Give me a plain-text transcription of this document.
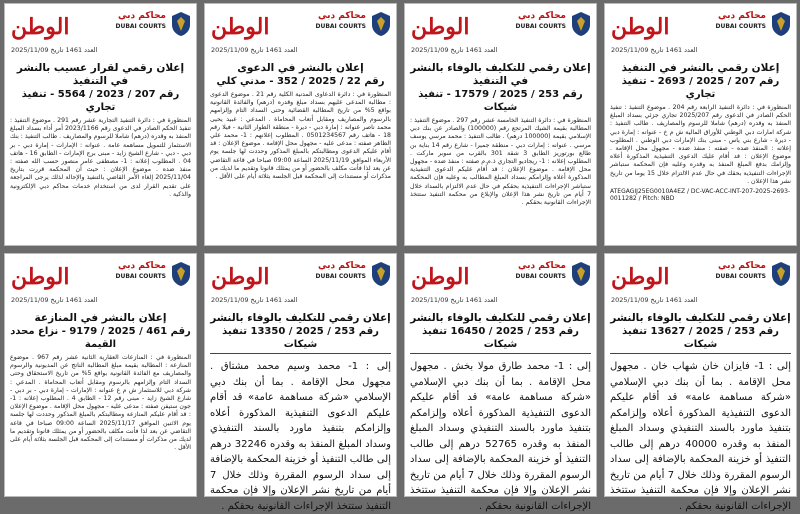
محاكم دبي
DUBAI COURTS
الوطن
العدد 1461 تاريخ 2025/11/09
إعلان رقمي بالنشر في التنفيذ
رقم 207 / 2025 / 2693 - تنفيذ تجاري
المنظورة في : دائرة التنفيذ الرابعة رقم 204 . موضوع التنفيذ : تنفيذ الحكم الصادر في الدعوى رقم 2025/207 تجاري جزئي بسداد المبلغ المنفذ به وقدره (درهم) شاملا للرسوم والمصاريف . طالب التنفيذ : شركة امارات دبي الوطني للأوراق المالية ش م خ - عنوانه : إمارة دبي - ديرة - شارع بني ياس - مبنى بنك الإمارات دبي الوطني . المطلوب إعلانه : المنفذ ضده - صفته : منفذ ضده - مجهول محل الإقامة . موضوع الإعلان : قد أقام عليك الدعوى التنفيذية المذكورة أعلاه وإلزامك بدفع المبلغ المنفذ به وقدره وعليه فإن المحكمة ستباشر الإجراءات التنفيذية بحقك في حال عدم الالتزام خلال 15 يوما من تاريخ نشر هذا الإعلان .
ATEGAGIJ25EG0010A4EZ / DC-VAC-ACC-INT-207-2025-2693-0011282 / Pitch: NBD
محاكم دبي
DUBAI COURTS
الوطن
العدد 1461 تاريخ 2025/11/09
إعلان رقمي للتكليف بالوفاء بالنشر في التنفيذ
رقم 253 / 2025 / 17579 - تنفيذ شيكات
المنظورة في : دائرة التنفيذ الخامسة عشر رقم 297 . موضوع التنفيذ : المطالبة بقيمة الشيك المرتجع رقم (100000) والصادر عن بنك دبي الإسلامي بقيمة (100000 درهم) . طالب التنفيذ : محمد مرسي يوسف مرسي . عنوانه : إمارات دبي - منطقة جميرا - شارع رقم 14 بناية بن طالع بورتوريز الطابق 3 شقة 301 بالقرب من سوبر ماركت . المطلوب إعلانه : 1- ريجاديو التجاري ذ.م.م صفته : منفذ ضده - مجهول محل الإقامة . موضوع الإعلان : قد أقام عليكم الدعوى التنفيذية المذكورة أعلاه وإلزامكم بسداد المبلغ المطالب به وعليه فإن المحكمة ستباشر الإجراءات التنفيذية بحقكم في حال عدم الالتزام بالسداد خلال 7 أيام من تاريخ نشر هذا الإعلان والإبلاغ من محكمة التنفيذ ستتخذ الإجراءات القانونية بحقكم .
محاكم دبي
DUBAI COURTS
الوطن
العدد 1461 تاريخ 2025/11/09
إعلان بالنشر في الدعوى
رقم 22 / 2025 / 352 - مدني كلي
المنظورة في : دائرة الدعاوى المدنية الكلية رقم 21 . موضوع الدعوى : مطالبة المدعى عليهم بسداد مبلغ وقدره (درهم) والفائدة القانونية بواقع 5% من تاريخ المطالبة القضائية وحتى السداد التام وإلزامهم بالرسوم والمصاريف ومقابل أتعاب المحاماة . المدعي : عبيد يحيى محمد ناصر عنوانه : إمارة دبي - ديرة - منطقة الطوار الثانية - فيلا رقم 18 - هاتف رقم 0501234567 . المطلوب إعلانهم : 1- محمد علي الطاهر صفته : مدعى عليه - مجهول محل الإقامة . موضوع الإعلان : قد أقام عليكم الدعوى ومطالبتكم بالمبلغ المذكور وحددت لها جلسة يوم الأربعاء الموافق 2025/11/19 الساعة 09:00 صباحا في قاعة التقاضي عن بعد لذا فأنت مكلف بالحضور أو من يمثلك قانونا وتقديم ما لديك من مذكرات أو مستندات إلى المحكمة قبل الجلسة بثلاثة أيام على الأقل .
محاكم دبي
DUBAI COURTS
الوطن
العدد 1461 تاريخ 2025/11/09
إعلان رقمي لقرار عسيب بالنشر في التنفيذ
رقم 207 / 2023 / 5564 - تنفيذ تجاري
المنظورة في : دائرة التنفيذ التجارية عشر رقم 291 . موضوع التنفيذ : تنفيذ الحكم الصادر في الدعوى رقم 2023/1166 أمر أداء بسداد المبلغ المنفذ به وقدره (درهم) شاملا للرسوم والمصاريف . طالب التنفيذ : بنك الاستثمار للتمويل مساهمة عامة . عنوانه : الإمارات - إمارة دبي - بر دبي - دبي - شارع الشيخ زايد - مبنى برج الإمارات - الطابق 16 - هاتف 04 . المطلوب إعلانه : 1- مصطفى عامر منصور حسب الله صفته : منفذ ضده . موضوع الإعلان : حيث أن المحكمة قررت بتاريخ 2025/11/04 إلغاء الأمر القاضي بالتنفيذ والإحالة لذلك يرجى المراجعة على تقديم القرار لدى من استخدام خدمات محاكم دبي الإلكترونية والذكية .
محاكم دبي
DUBAI COURTS
الوطن
العدد 1461 تاريخ 2025/11/09
إعلان رقمي للتكليف بالوفاء بالنشر
رقم 253 / 2025 / 13627 تنفيذ شيكات
إلى : 1- فايزان خان شهاب خان . مجهول محل الإقامة . بما أن بنك دبي الإسلامي «شركة مساهمة عامة» قد أقام عليكم الدعوى التنفيذية المذكورة أعلاه وإلزامكم بتنفيذ ماورد بالسند التنفيذي وسداد المبلغ المنفذ به وقدره 40000 درهم إلى طالب التنفيذ أو خزينة المحكمة بالإضافة إلى سداد الرسوم المقررة وذلك خلال 7 أيام من تاريخ نشر الإعلان وإلا فإن محكمة التنفيذ ستتخذ الإجراءات القانونية بحقكم .
محاكم دبي
DUBAI COURTS
الوطن
العدد 1461 تاريخ 2025/11/09
إعلان رقمي للتكليف بالوفاء بالنشر
رقم 253 / 2025 / 16450 تنفيذ شيكات
إلى : 1- محمد طارق مولا بخش . مجهول محل الإقامة . بما أن بنك دبي الإسلامي «شركة مساهمة عامة» قد أقام عليكم الدعوى التنفيذية المذكورة أعلاه وإلزامكم بتنفيذ ماورد بالسند التنفيذي وسداد المبلغ المنفذ به وقدره 52765 درهم إلى طالب التنفيذ أو خزينة المحكمة بالإضافة إلى سداد الرسوم المقررة وذلك خلال 7 أيام من تاريخ نشر الإعلان وإلا فإن محكمة التنفيذ ستتخذ الإجراءات القانونية بحقكم .
محاكم دبي
DUBAI COURTS
الوطن
العدد 1461 تاريخ 2025/11/09
إعلان رقمي للتكليف بالوفاء بالنشر
رقم 253 / 2025 / 13350 تنفيذ شيكات
إلى : 1- محمد وسيم محمد مشتاق . مجهول محل الإقامة . بما أن بنك دبي الإسلامي «شركة مساهمة عامة» قد أقام عليكم الدعوى التنفيذية المذكورة أعلاه وإلزامكم بتنفيذ ماورد بالسند التنفيذي وسداد المبلغ المنفذ به وقدره 32246 درهم إلى طالب التنفيذ أو خزينة المحكمة بالإضافة إلى سداد الرسوم المقررة وذلك خلال 7 أيام من تاريخ نشر الإعلان وإلا فإن محكمة التنفيذ ستتخذ الإجراءات القانونية بحقكم .
محاكم دبي
DUBAI COURTS
الوطن
العدد 1461 تاريخ 2025/11/09
إعلان بالنشر في المنازعة
رقم 461 / 2025 / 9179 - نزاع محدد القيمة
المنظورة في : المنازعات العقارية الثانية عشر رقم 967 . موضوع المنازعة : المطالبة بقيمة مبلغ المطالبة الناتج عن المديونية والرسوم والمصاريف مع الفائدة القانونية بواقع 5% من تاريخ الاستحقاق وحتى السداد التام وإلزامهم بالرسوم ومقابل أتعاب المحاماة . المدعي : شركة دبي للاستثمار ش م ع عنوانه : الإمارات - إمارة دبي - بر دبي - شارع الشيخ زايد - مبنى رقم 12 - الطابق 4 . المطلوب إعلانه : 1- جون ستيفن صفته : مدعى عليه - مجهول محل الإقامة . موضوع الإعلان : قد أقام عليكم المنازعة ومطالبتكم بالمبلغ المذكور وحددت لها جلسة يوم الاثنين الموافق 2025/11/17 الساعة 09:00 صباحا في قاعة التقاضي عن بعد لذا فأنت مكلف بالحضور أو من يمثلك قانونا وتقديم ما لديك من مذكرات أو مستندات إلى المحكمة قبل الجلسة بثلاثة أيام على الأقل .
